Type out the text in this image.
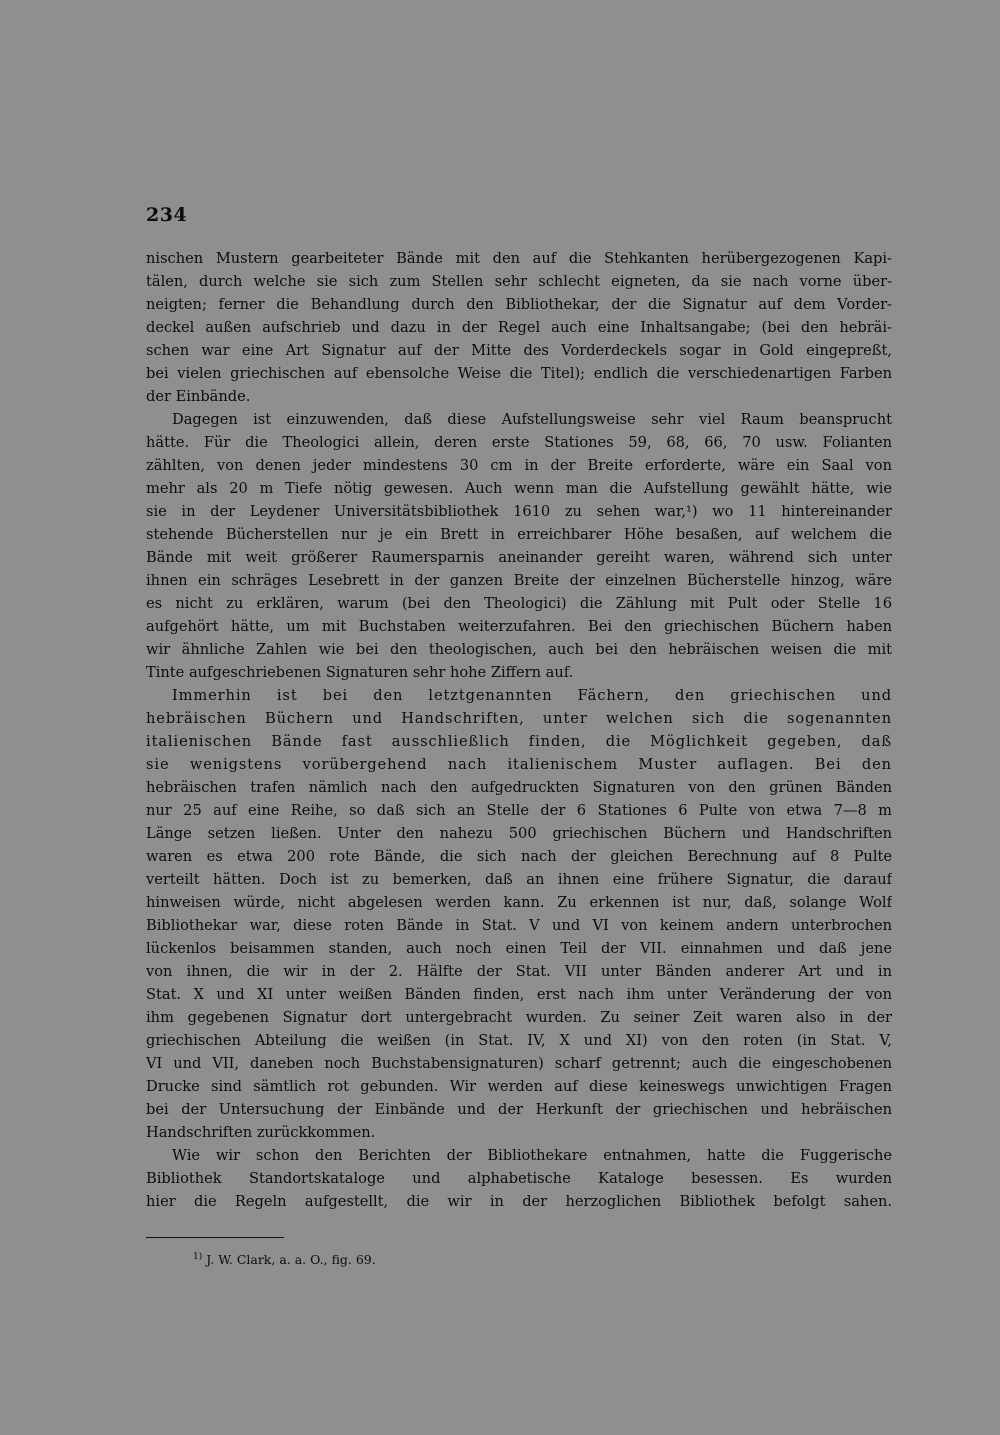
234
nischen Mustern gearbeiteter Bände mit den auf die Stehkanten herübergezogenen Kapi-
tälen, durch welche sie sich zum Stellen sehr schlecht eigneten, da sie nach vorne über-
neigten; ferner die Behandlung durch den Bibliothekar, der die Signatur auf dem Vorder-
deckel außen aufschrieb und dazu in der Regel auch eine Inhaltsangabe; (bei den hebräi-
schen war eine Art Signatur auf der Mitte des Vorderdeckels sogar in Gold eingepreßt,
bei vielen griechischen auf ebensolche Weise die Titel); endlich die verschiedenartigen Farben
der Einbände.
Dagegen ist einzuwenden, daß diese Aufstellungsweise sehr viel Raum beansprucht
hätte. Für die Theologici allein, deren erste Stationes 59, 68, 66, 70 usw. Folianten
zählten, von denen jeder mindestens 30 cm in der Breite erforderte, wäre ein Saal von
mehr als 20 m Tiefe nötig gewesen. Auch wenn man die Aufstellung gewählt hätte, wie
sie in der Leydener Universitätsbibliothek 1610 zu sehen war,¹) wo 11 hintereinander
stehende Bücherstellen nur je ein Brett in erreichbarer Höhe besaßen, auf welchem die
Bände mit weit größerer Raumersparnis aneinander gereiht waren, während sich unter
ihnen ein schräges Lesebrett in der ganzen Breite der einzelnen Bücherstelle hinzog, wäre
es nicht zu erklären, warum (bei den Theologici) die Zählung mit Pult oder Stelle 16
aufgehört hätte, um mit Buchstaben weiterzufahren. Bei den griechischen Büchern haben
wir ähnliche Zahlen wie bei den theologischen, auch bei den hebräischen weisen die mit
Tinte aufgeschriebenen Signaturen sehr hohe Ziffern auf.
Immerhin ist bei den letztgenannten Fächern, den griechischen und
hebräischen Büchern und Handschriften, unter welchen sich die sogenannten
italienischen Bände fast ausschließlich finden, die Möglichkeit gegeben, daß
sie wenigstens vorübergehend nach italienischem Muster auflagen. Bei den
hebräischen trafen nämlich nach den aufgedruckten Signaturen von den grünen Bänden
nur 25 auf eine Reihe, so daß sich an Stelle der 6 Stationes 6 Pulte von etwa 7—8 m
Länge setzen ließen. Unter den nahezu 500 griechischen Büchern und Handschriften
waren es etwa 200 rote Bände, die sich nach der gleichen Berechnung auf 8 Pulte
verteilt hätten. Doch ist zu bemerken, daß an ihnen eine frühere Signatur, die darauf
hinweisen würde, nicht abgelesen werden kann. Zu erkennen ist nur, daß, solange Wolf
Bibliothekar war, diese roten Bände in Stat. V und VI von keinem andern unterbrochen
lückenlos beisammen standen, auch noch einen Teil der VII. einnahmen und daß jene
von ihnen, die wir in der 2. Hälfte der Stat. VII unter Bänden anderer Art und in
Stat. X und XI unter weißen Bänden finden, erst nach ihm unter Veränderung der von
ihm gegebenen Signatur dort untergebracht wurden. Zu seiner Zeit waren also in der
griechischen Abteilung die weißen (in Stat. IV, X und XI) von den roten (in Stat. V,
VI und VII, daneben noch Buchstabensignaturen) scharf getrennt; auch die eingeschobenen
Drucke sind sämtlich rot gebunden. Wir werden auf diese keineswegs unwichtigen Fragen
bei der Untersuchung der Einbände und der Herkunft der griechischen und hebräischen
Handschriften zurückkommen.
Wie wir schon den Berichten der Bibliothekare entnahmen, hatte die Fuggerische
Bibliothek Standortskataloge und alphabetische Kataloge besessen. Es wurden
hier die Regeln aufgestellt, die wir in der herzoglichen Bibliothek befolgt sahen.
$^{1)}$ J. W. Clark, a. a. O., fig. 69.
